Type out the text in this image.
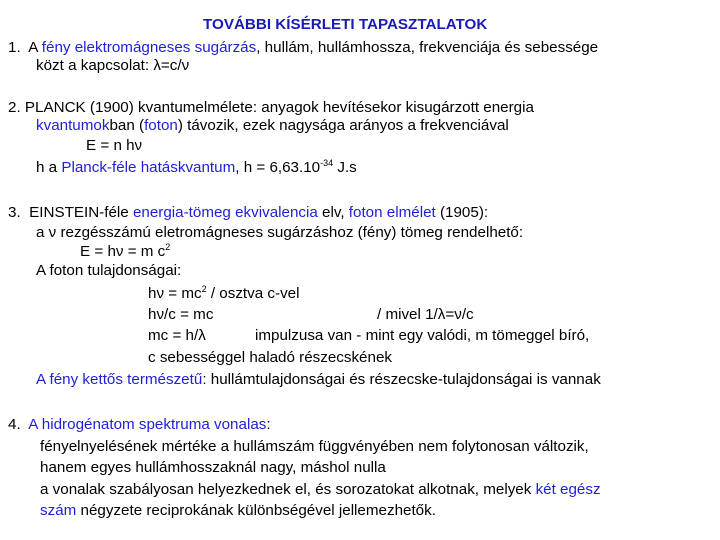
TOVÁBBI KÍSÉRLETI TAPASZTALATOK
1. A fény elektromágneses sugárzás, hullám, hullámhossza, frekvenciája és sebessége
közt a kapcsolat: λ=c/ν
2. PLANCK (1900) kvantumelmélete: anyagok hevítésekor kisugárzott energia
kvantumokban (foton) távozik, ezek nagysága arányos a frekvenciával
E = n hν
h a Planck-féle hatáskvantum, $h = 6,63.10^{-34}$ J.s
3. EINSTEIN-féle energia-tömeg ekvivalencia elv, foton elmélet (1905):
a ν rezgésszámú eletromágneses sugárzáshoz (fény) tömeg rendelhető:
E = hν = m $c^2$
A foton tulajdonságai:
$h\nu = mc^2$ / osztva c-vel
hν/c = mc	/ mivel 1/λ=ν/c
mc = h/λ	impulzusa van - mint egy valódi, m tömeggel bíró,
c sebességgel haladó részecskének
A fény kettős természetű: hullámtulajdonságai és részecske-tulajdonságai is vannak
4. A hidrogénatom spektruma vonalas:
fényelnyelésének mértéke a hullámszám függvényében nem folytonosan változik,
hanem egyes hullámhosszaknál nagy, máshol nulla
a vonalak szabályosan helyezkednek el, és sorozatokat alkotnak, melyek két egész
szám négyzete reciprokának különbségével jellemezhetők.
